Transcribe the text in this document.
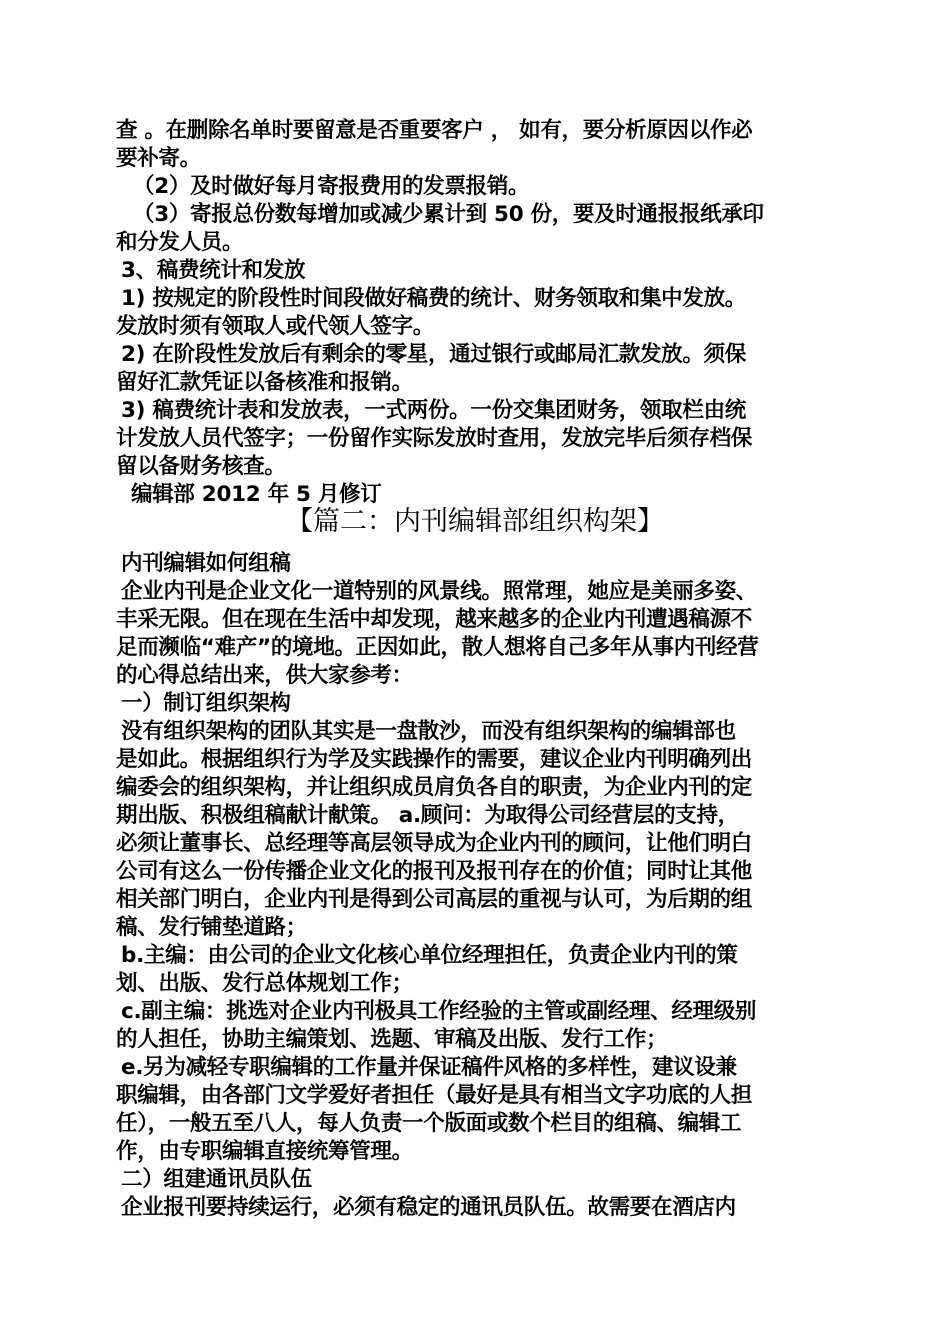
查 。在删除名单时要留意是否重要客户 ， 如有，要分析原因以作必
要补寄。
（2）及时做好每月寄报费用的发票报销。
（3）寄报总份数每增加或减少累计到 50 份，要及时通报报纸承印
和分发人员。
3、稿费统计和发放
1) 按规定的阶段性时间段做好稿费的统计、财务领取和集中发放。
发放时须有领取人或代领人签字。
2) 在阶段性发放后有剩余的零星，通过银行或邮局汇款发放。须保
留好汇款凭证以备核准和报销。
3) 稿费统计表和发放表，一式两份。一份交集团财务，领取栏由统
计发放人员代签字；一份留作实际发放时查用，发放完毕后须存档保
留以备财务核查。
编辑部 2012 年 5 月修订
【篇二：内刊编辑部组织构架】
内刊编辑如何组稿
企业内刊是企业文化一道特别的风景线。照常理，她应是美丽多姿、
丰采无限。但在现在生活中却发现，越来越多的企业内刊遭遇稿源不
足而濒临“难产”的境地。正因如此，散人想将自己多年从事内刊经营
的心得总结出来，供大家参考：
一）制订组织架构
没有组织架构的团队其实是一盘散沙，而没有组织架构的编辑部也
是如此。根据组织行为学及实践操作的需要，建议企业内刊明确列出
编委会的组织架构，并让组织成员肩负各自的职责，为企业内刊的定
期出版、积极组稿献计献策。 a.顾问：为取得公司经营层的支持，
必须让董事长、总经理等高层领导成为企业内刊的顾问，让他们明白
公司有这么一份传播企业文化的报刊及报刊存在的价值；同时让其他
相关部门明白，企业内刊是得到公司高层的重视与认可，为后期的组
稿、发行铺垫道路；
b.主编：由公司的企业文化核心单位经理担任，负责企业内刊的策
划、出版、发行总体规划工作；
c.副主编：挑选对企业内刊极具工作经验的主管或副经理、经理级别
的人担任，协助主编策划、选题、审稿及出版、发行工作；
e.另为减轻专职编辑的工作量并保证稿件风格的多样性，建议设兼
职编辑，由各部门文学爱好者担任（最好是具有相当文字功底的人担
任），一般五至八人，每人负责一个版面或数个栏目的组稿、编辑工
作，由专职编辑直接统筹管理。
二）组建通讯员队伍
企业报刊要持续运行，必须有稳定的通讯员队伍。故需要在酒店内
